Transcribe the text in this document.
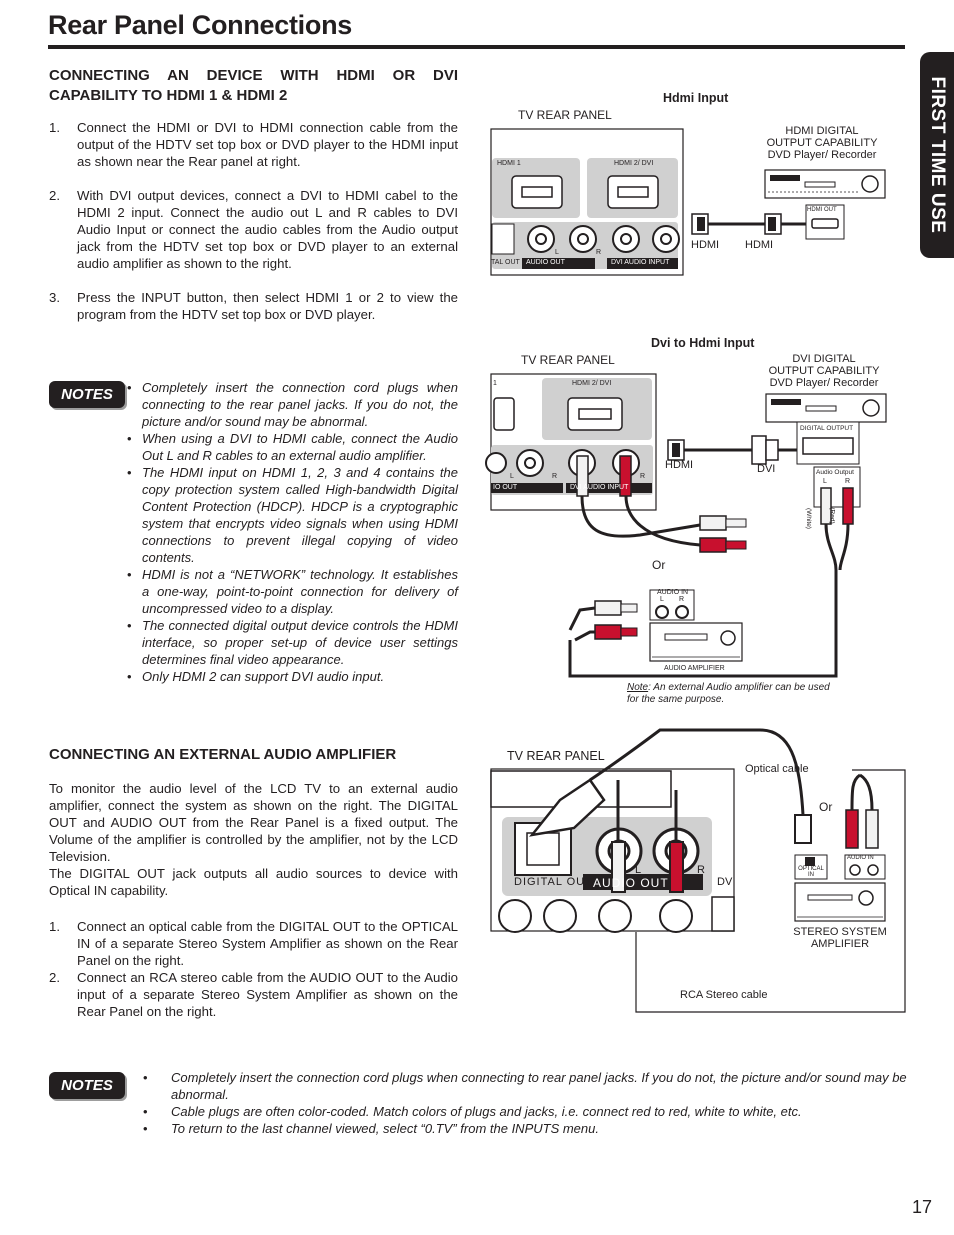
Rear Panel Connections
FIRST TIME USE
CONNECTING AN DEVICE WITH HDMI OR DVI CAPABILITY TO HDMI 1 & HDMI 2
1. Connect the HDMI or DVI to HDMI connection cable from the output of the HDTV set top box or DVD player to the HDMI input as shown near the Rear panel at right.
2. With DVI output devices, connect a DVI to HDMI cabel to the HDMI 2 input. Connect the audio out L and R cables to DVI Audio Input or connect the audio cables from the Audio output jack from the HDTV set top box or DVD player to an external audio amplifier as shown to the right.
3. Press the INPUT button, then select HDMI 1 or 2 to view the program from the HDTV set top box or DVD player.
NOTES	• Completely insert the connection cord plugs when connecting to the rear panel jacks. If you do not, the picture and/or sound may be abnormal.
• When using a DVI to HDMI cable, connect the Audio Out L and R cables to an external audio amplifier.
• The HDMI input on HDMI 1, 2, 3 and 4 contains the copy protection system called High-bandwidth Digital Content Protection (HDCP). HDCP is a cryptographic system that encrypts video signals when using HDMI connections to prevent illegal copying of video contents.
• HDMI is not a “NETWORK” technology. It establishes a one-way, point-to-point connection for delivery of uncompressed video to a display.
• The connected digital output device controls the HDMI interface, so proper set-up of device user settings determines final video appearance.
• Only HDMI 2 can support DVI audio input.
CONNECTING AN EXTERNAL AUDIO AMPLIFIER
To monitor the audio level of the LCD TV to an external audio amplifier, connect the system as shown on the right. The DIGITAL OUT and AUDIO OUT from the Rear Panel is a fixed output. The Volume of the amplifier is controlled by the amplifier, not by the LCD Television.
The DIGITAL OUT jack outputs all audio sources to device with Optical IN capability.
1. Connect an optical cable from the DIGITAL OUT to the OPTICAL IN of a separate Stereo System Amplifier as shown on the Rear Panel on the right.
2. Connect an RCA stereo cable from the AUDIO OUT to the Audio input of a separate Stereo System Amplifier as shown on the Rear Panel on the right.
NOTES	• Completely insert the connection cord plugs when connecting to rear panel jacks. If you do not, the picture and/or sound may be abnormal.
• Cable plugs are often color-coded. Match colors of plugs and jacks, i.e. connect red to red, white to white, etc.
• To return to the last channel viewed, select “0.TV” from the INPUTS menu.
17
Hdmi Input
TV REAR PANEL
HDMI DIGITAL
OUTPUT CAPABILITY
DVD Player/ Recorder
HDMI 1	HDMI 2/ DVI
TAL OUT AUDIO OUT	DVI AUDIO INPUT
L	R
HDMI OUT
HDMI HDMI
Dvi to Hdmi Input
TV REAR PANEL	DVI DIGITAL
OUTPUT CAPABILITY
DVD Player/ Recorder
1	HDMI 2/ DVI
IO OUT	DVI AUDIO INPUT
L	R	R
DIGITAL OUTPUT
Audio Output
L	R
(White)	(Red)
HDMI	DVI
Or
AUDIO IN
L R
AUDIO AMPLIFIER
Note: An external Audio amplifier can be used for the same purpose.
TV REAR PANEL
DIGITAL OUT AUDIO OUT	DV
L	R
Optical cable
Or
OPTICAL IN
AUDIO IN
STEREO SYSTEM
AMPLIFIER
RCA Stereo cable
